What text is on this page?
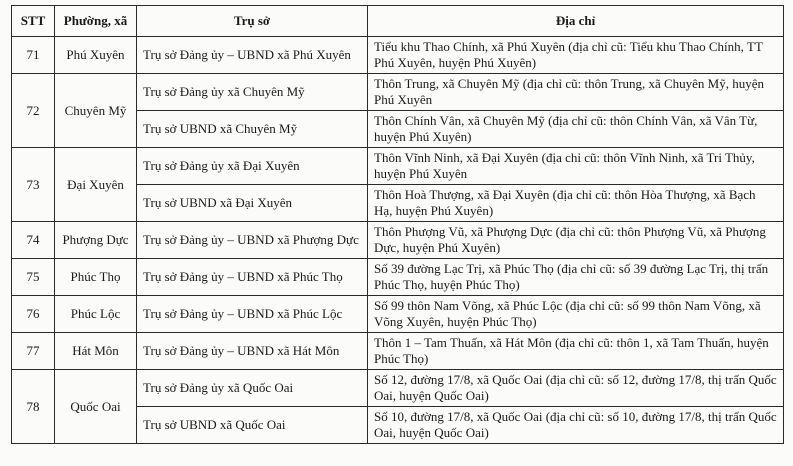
STT	Phường, xã	Trụ sở	Địa chỉ
71	Phú Xuyên	Trụ sở Đảng ủy – UBND xã Phú Xuyên	Tiểu khu Thao Chính, xã Phú Xuyên (địa chỉ cũ: Tiểu khu Thao Chính, TT Phú Xuyên, huyện Phú Xuyên)
72	Chuyên Mỹ	Trụ sở Đảng ủy xã Chuyên Mỹ	Thôn Trung, xã Chuyên Mỹ (địa chỉ cũ: thôn Trung, xã Chuyên Mỹ, huyện Phú Xuyên
		Trụ sở UBND xã Chuyên Mỹ	Thôn Chính Vân, xã Chuyên Mỹ (địa chỉ cũ: thôn Chính Vân, xã Vân Từ, huyện Phú Xuyên)
73	Đại Xuyên	Trụ sở Đảng ủy xã Đại Xuyên	Thôn Vĩnh Ninh, xã Đại Xuyên (địa chỉ cũ: thôn Vĩnh Ninh, xã Tri Thủy, huyện Phú Xuyên
		Trụ sở UBND xã Đại Xuyên	Thôn Hoà Thượng, xã Đại Xuyên (địa chỉ cũ: thôn Hòa Thượng, xã Bạch Hạ, huyện Phú Xuyên)
74	Phượng Dực	Trụ sở Đảng ủy – UBND xã Phượng Dực	Thôn Phượng Vũ, xã Phượng Dực (địa chỉ cũ: thôn Phượng Vũ, xã Phượng Dực, huyện Phú Xuyên)
75	Phúc Thọ	Trụ sở Đảng ủy – UBND xã Phúc Thọ	Số 39 đường Lạc Trị, xã Phúc Thọ (địa chỉ cũ: số 39 đường Lạc Trị, thị trấn Phúc Thọ, huyện Phúc Thọ)
76	Phúc Lộc	Trụ sở Đảng ủy – UBND xã Phúc Lộc	Số 99 thôn Nam Võng, xã Phúc Lộc (địa chỉ cũ: số 99 thôn Nam Võng, xã Võng Xuyên, huyện Phúc Thọ)
77	Hát Môn	Trụ sở Đảng ủy – UBND xã Hát Môn	Thôn 1 – Tam Thuấn, xã Hát Môn (địa chỉ cũ: thôn 1, xã Tam Thuấn, huyện Phúc Thọ)
78	Quốc Oai	Trụ sở Đảng ủy xã Quốc Oai	Số 12, đường 17/8, xã Quốc Oai (địa chỉ cũ: số 12, đường 17/8, thị trấn Quốc Oai, huyện Quốc Oai)
		Trụ sở UBND xã Quốc Oai	Số 10, đường 17/8, xã Quốc Oai (địa chỉ cũ: số 10, đường 17/8, thị trấn Quốc Oai, huyện Quốc Oai)
